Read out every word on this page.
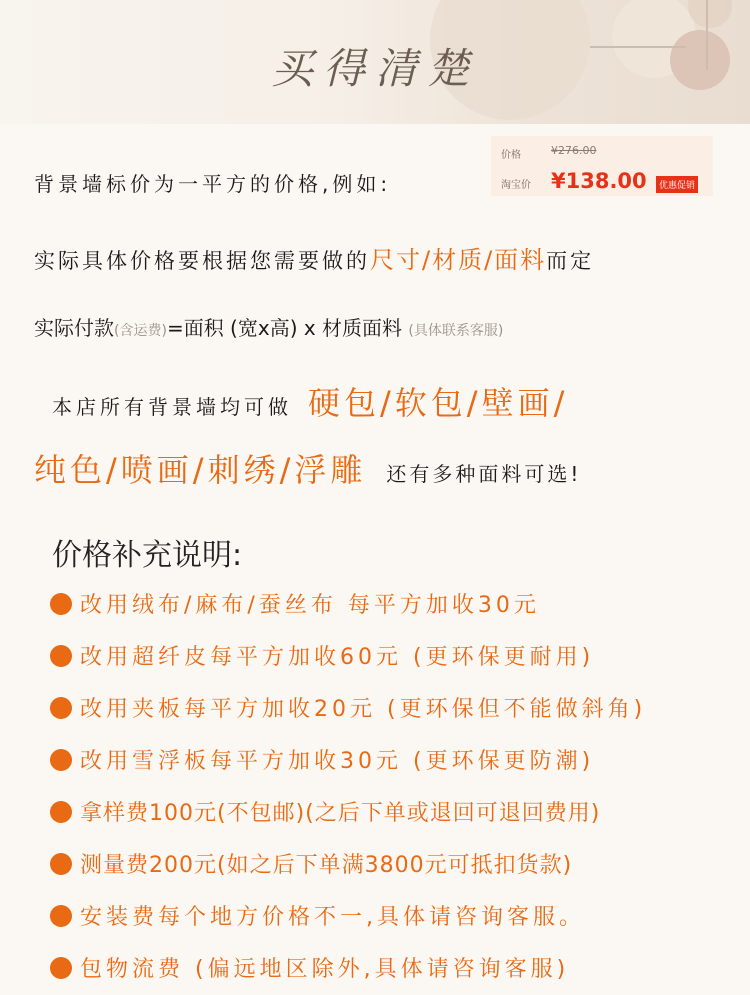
买得清楚
价格	¥276.00
淘宝价 ¥138.00	优惠促销
背景墙标价为一平方的价格,例如:
实际具体价格要根据您需要做的尺寸/材质/面料而定
实际付款(含运费)=面积 (宽x高) x 材质面料 (具体联系客服)
本店所有背景墙均可做 硬包/软包/壁画/
纯色/喷画/刺绣/浮雕 还有多种面料可选!
价格补充说明:
改用绒布/麻布/蚕丝布 每平方加收30元
改用超纤皮每平方加收60元 (更环保更耐用)
改用夹板每平方加收20元 (更环保但不能做斜角)
改用雪浮板每平方加收30元 (更环保更防潮)
拿样费100元(不包邮)(之后下单或退回可退回费用)
测量费200元(如之后下单满3800元可抵扣货款)
安装费每个地方价格不一,具体请咨询客服。
包物流费 (偏远地区除外,具体请咨询客服)
